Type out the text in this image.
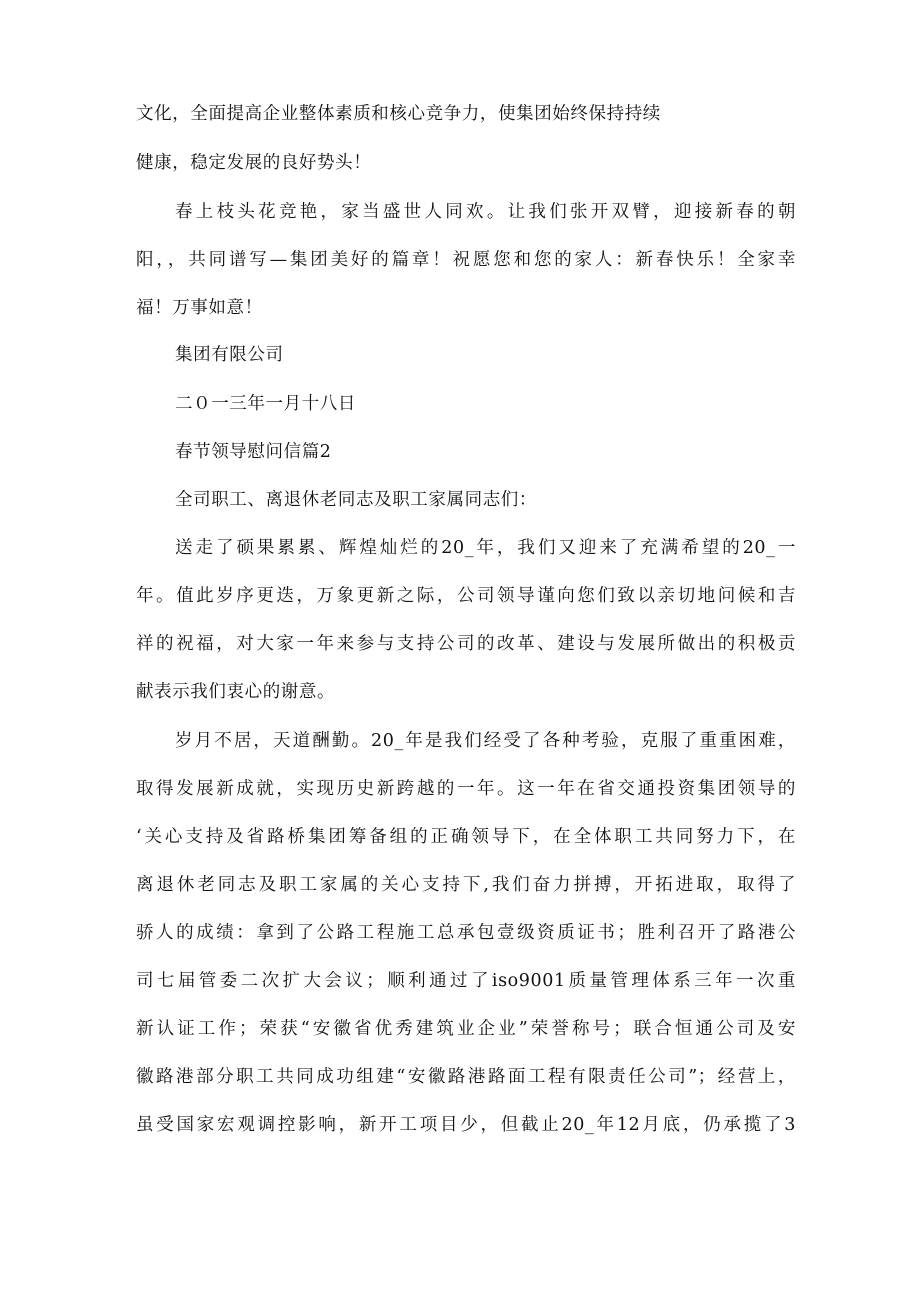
文化，全面提高企业整体素质和核心竞争力，使集团始终保持持续
健康，稳定发展的良好势头！
春上枝头花竞艳，家当盛世人同欢。让我们张开双臂，迎接新春的朝
阳，，共同谱写—集团美好的篇章！祝愿您和您的家人：新春快乐！全家幸
福！万事如意！
集团有限公司
二０一三年一月十八日
春节领导慰问信篇2
全司职工、离退休老同志及职工家属同志们：
送走了硕果累累、辉煌灿烂的20_年，我们又迎来了充满希望的20_一
年。值此岁序更迭，万象更新之际，公司领导谨向您们致以亲切地问候和吉
祥的祝福，对大家一年来参与支持公司的改革、建设与发展所做出的积极贡
献表示我们衷心的谢意。
岁月不居，天道酬勤。20_年是我们经受了各种考验，克服了重重困难，
取得发展新成就，实现历史新跨越的一年。这一年在省交通投资集团领导的
‘关心支持及省路桥集团筹备组的正确领导下，在全体职工共同努力下，在
离退休老同志及职工家属的关心支持下,我们奋力拼搏，开拓进取，取得了
骄人的成绩：拿到了公路工程施工总承包壹级资质证书；胜利召开了路港公
司七届管委二次扩大会议；顺利通过了iso9001质量管理体系三年一次重
新认证工作；荣获“安徽省优秀建筑业企业”荣誉称号；联合恒通公司及安
徽路港部分职工共同成功组建“安徽路港路面工程有限责任公司”；经营上，
虽受国家宏观调控影响，新开工项目少，但截止20_年12月底，仍承揽了3
